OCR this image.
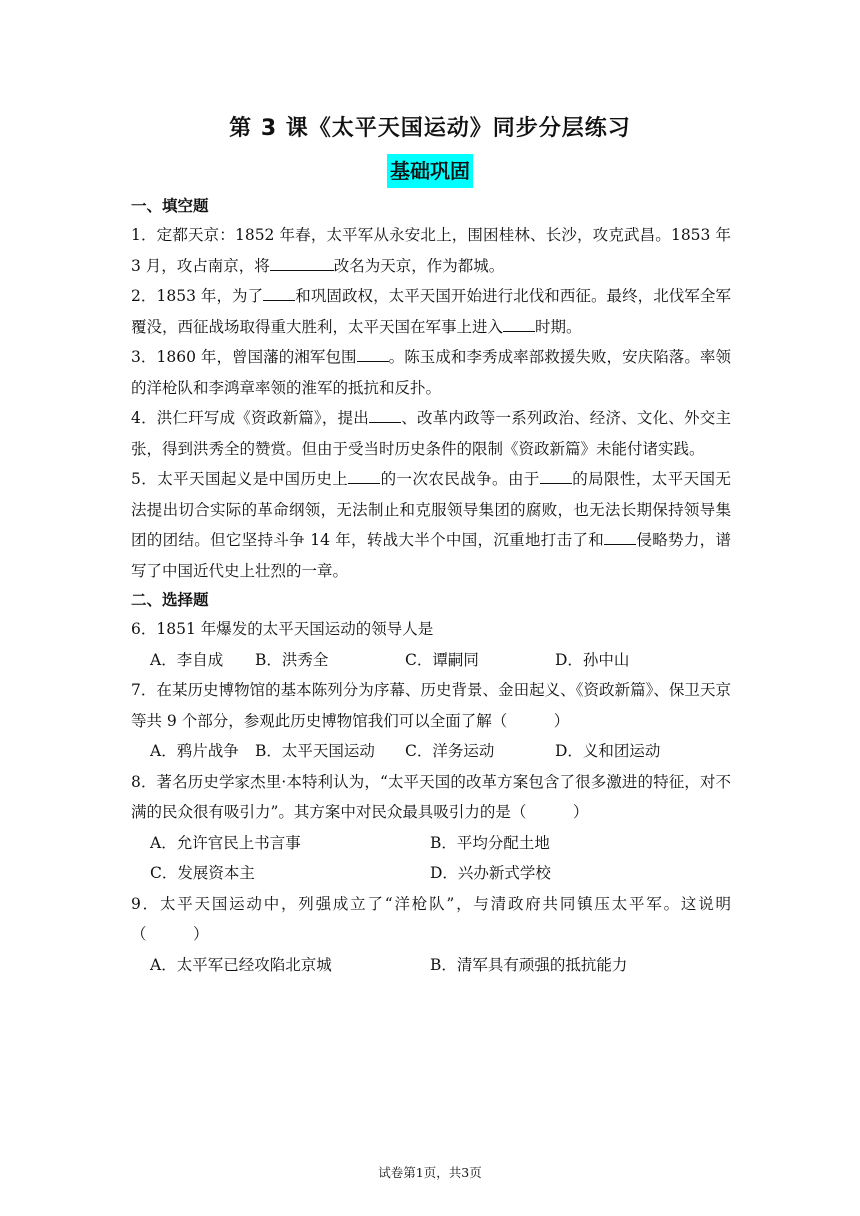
第 3 课《太平天国运动》同步分层练习
基础巩固
一、填空题
1．定都天京：1852 年春，太平军从永安北上，围困桂林、长沙，攻克武昌。1853 年 3 月，攻占南京，将	改名为天京，作为都城。
2．1853 年，为了 和巩固政权，太平天国开始进行北伐和西征。最终，北伐军全军覆没，西征战场取得重大胜利，太平天国在军事上进入 时期。
3．1860 年，曾国藩的湘军包围 。陈玉成和李秀成率部救援失败，安庆陷落。率领的洋枪队和李鸿章率领的淮军的抵抗和反扑。
4．洪仁玕写成《资政新篇》，提出 、改革内政等一系列政治、经济、文化、外交主张，得到洪秀全的赞赏。但由于受当时历史条件的限制《资政新篇》未能付诸实践。
5．太平天国起义是中国历史上 的一次农民战争。由于 的局限性，太平天国无法提出切合实际的革命纲领，无法制止和克服领导集团的腐败，也无法长期保持领导集团的团结。但它坚持斗争 14 年，转战大半个中国，沉重地打击了和 侵略势力，谱写了中国近代史上壮烈的一章。
二、选择题
6．1851 年爆发的太平天国运动的领导人是
A．李自成	B．洪秀全	C．谭嗣同	D．孙中山
7．在某历史博物馆的基本陈列分为序幕、历史背景、金田起义、《资政新篇》、保卫天京等共 9 个部分，参观此历史博物馆我们可以全面了解（　　　）
A．鸦片战争	B．太平天国运动	C．洋务运动	D．义和团运动
8．著名历史学家杰里·本特利认为，“太平天国的改革方案包含了很多激进的特征，对不满的民众很有吸引力”。其方案中对民众最具吸引力的是（　　　）
A．允许官民上书言事	B．平均分配土地
C．发展资本主	D．兴办新式学校
9．太平天国运动中，列强成立了“洋枪队”，与清政府共同镇压太平军。这说明（　　　）
A．太平军已经攻陷北京城	B．清军具有顽强的抵抗能力
试卷第1页，共3页
